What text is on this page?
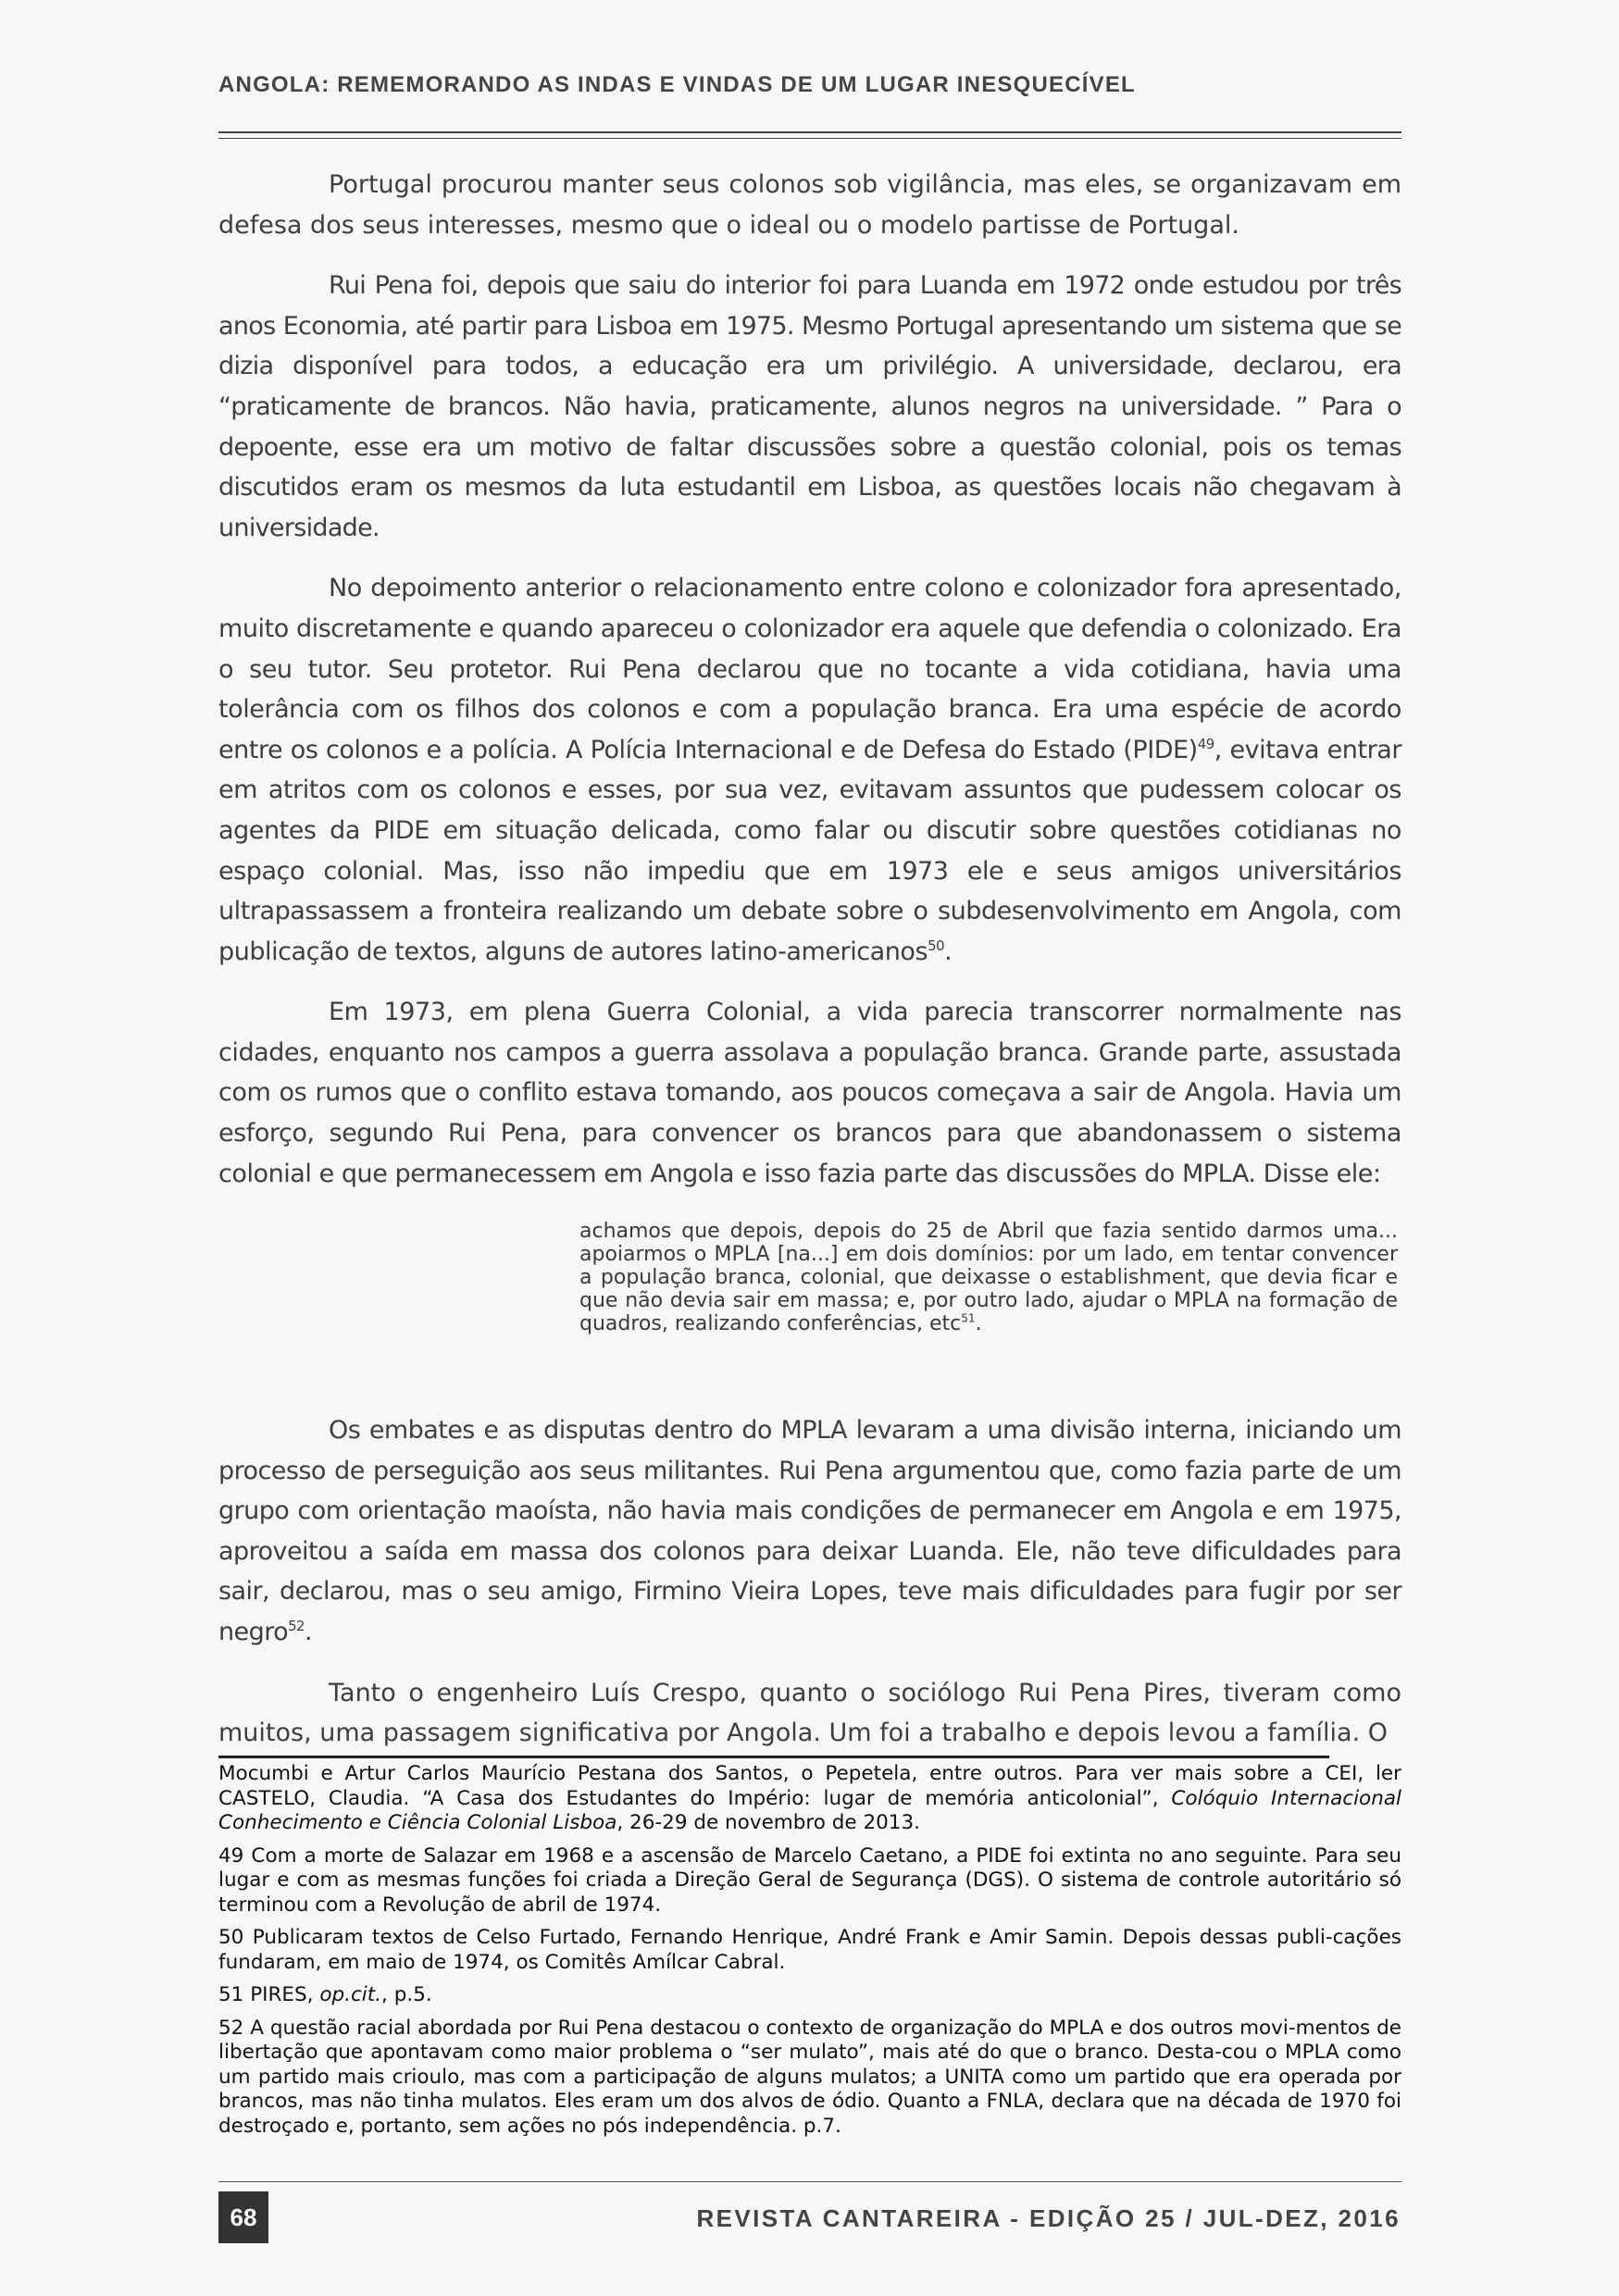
ANGOLA: REMEMORANDO AS INDAS E VINDAS DE UM LUGAR INESQUECÍVEL

Portugal procurou manter seus colonos sob vigilância, mas eles, se organizavam em defesa dos seus interesses, mesmo que o ideal ou o modelo partisse de Portugal.

Rui Pena foi, depois que saiu do interior foi para Luanda em 1972 onde estudou por três anos Economia, até partir para Lisboa em 1975. Mesmo Portugal apresentando um sistema que se dizia disponível para todos, a educação era um privilégio. A universidade, declarou, era “praticamente de brancos. Não havia, praticamente, alunos negros na universidade. ” Para o depoente, esse era um motivo de faltar discussões sobre a questão colonial, pois os temas discutidos eram os mesmos da luta estudantil em Lisboa, as questões locais não chegavam à universidade.

No depoimento anterior o relacionamento entre colono e colonizador fora apresentado, muito discretamente e quando apareceu o colonizador era aquele que defendia o colonizado. Era o seu tutor. Seu protetor. Rui Pena declarou que no tocante a vida cotidiana, havia uma tolerância com os filhos dos colonos e com a população branca. Era uma espécie de acordo entre os colonos e a polícia. A Polícia Internacional e de Defesa do Estado (PIDE)$^{49}$, evitava entrar em atritos com os colonos e esses, por sua vez, evitavam assuntos que pudessem colocar os agentes da PIDE em situação delicada, como falar ou discutir sobre questões cotidianas no espaço colonial. Mas, isso não impediu que em 1973 ele e seus amigos universitários ultrapassassem a fronteira realizando um debate sobre o subdesenvolvimento em Angola, com publicação de textos, alguns de autores latino-americanos$^{50}$.

Em 1973, em plena Guerra Colonial, a vida parecia transcorrer normalmente nas cidades, enquanto nos campos a guerra assolava a população branca. Grande parte, assustada com os rumos que o conflito estava tomando, aos poucos começava a sair de Angola. Havia um esforço, segundo Rui Pena, para convencer os brancos para que abandonassem o sistema colonial e que permanecessem em Angola e isso fazia parte das discussões do MPLA. Disse ele:

achamos que depois, depois do 25 de Abril que fazia sentido darmos uma... apoiarmos o MPLA [na...] em dois domínios: por um lado, em tentar convencer a população branca, colonial, que deixasse o establishment, que devia ficar e que não devia sair em massa; e, por outro lado, ajudar o MPLA na formação de quadros, realizando conferências, etc$^{51}$.

Os embates e as disputas dentro do MPLA levaram a uma divisão interna, iniciando um processo de perseguição aos seus militantes. Rui Pena argumentou que, como fazia parte de um grupo com orientação maoísta, não havia mais condições de permanecer em Angola e em 1975, aproveitou a saída em massa dos colonos para deixar Luanda. Ele, não teve dificuldades para sair, declarou, mas o seu amigo, Firmino Vieira Lopes, teve mais dificuldades para fugir por ser negro$^{52}$.

Tanto o engenheiro Luís Crespo, quanto o sociólogo Rui Pena Pires, tiveram como muitos, uma passagem significativa por Angola. Um foi a trabalho e depois levou a família. O

Mocumbi e Artur Carlos Maurício Pestana dos Santos, o Pepetela, entre outros. Para ver mais sobre a CEI, ler CASTELO, Claudia. “A Casa dos Estudantes do Império: lugar de memória anticolonial”, Colóquio Internacional Conhecimento e Ciência Colonial Lisboa, 26-29 de novembro de 2013.

49 Com a morte de Salazar em 1968 e a ascensão de Marcelo Caetano, a PIDE foi extinta no ano seguinte. Para seu lugar e com as mesmas funções foi criada a Direção Geral de Segurança (DGS). O sistema de controle autoritário só terminou com a Revolução de abril de 1974.

50 Publicaram textos de Celso Furtado, Fernando Henrique, André Frank e Amir Samin. Depois dessas publi-cações fundaram, em maio de 1974, os Comitês Amílcar Cabral.

51 PIRES, op.cit., p.5.

52 A questão racial abordada por Rui Pena destacou o contexto de organização do MPLA e dos outros movi-mentos de libertação que apontavam como maior problema o “ser mulato”, mais até do que o branco. Desta-cou o MPLA como um partido mais crioulo, mas com a participação de alguns mulatos; a UNITA como um partido que era operada por brancos, mas não tinha mulatos. Eles eram um dos alvos de ódio. Quanto a FNLA, declara que na década de 1970 foi destroçado e, portanto, sem ações no pós independência. p.7.

68	REVISTA CANTAREIRA - EDIÇÃO 25 / JUL-DEZ, 2016
